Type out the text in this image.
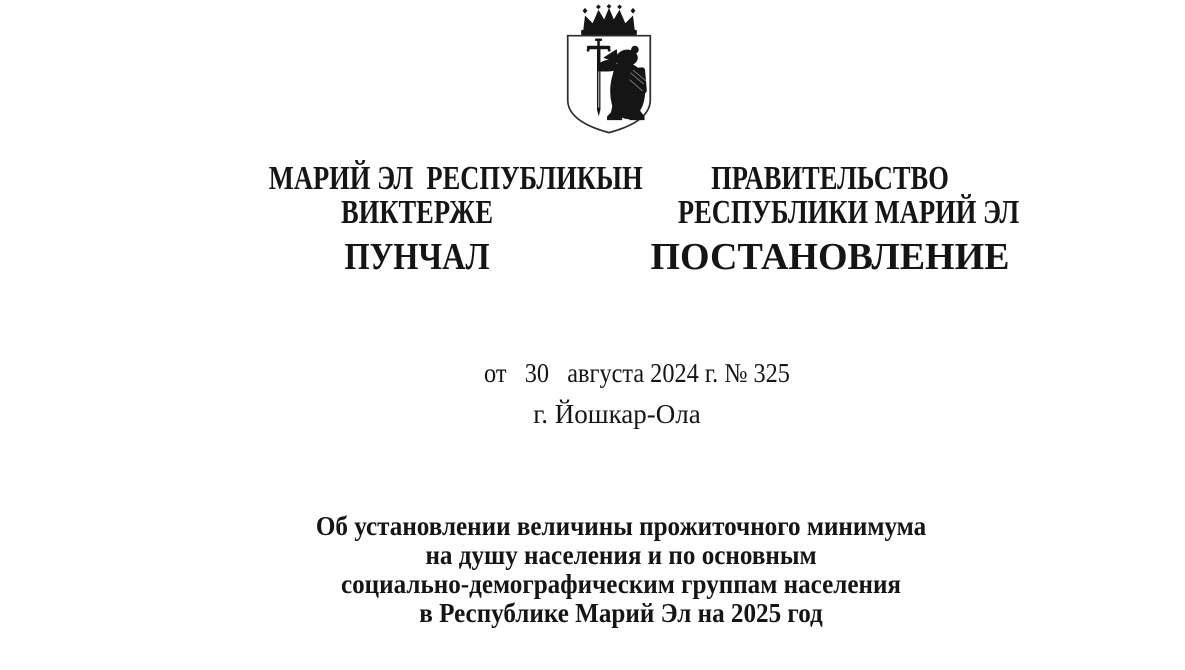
МАРИЙ ЭЛ  РЕСПУБЛИКЫН
ВИКТЕРЖЕ
ПУНЧАЛ
ПРАВИТЕЛЬСТВО
РЕСПУБЛИКИ МАРИЙ ЭЛ
ПОСТАНОВЛЕНИЕ
от   30   августа 2024 г. № 325
г. Йошкар-Ола
Об установлении величины прожиточного минимума
на душу населения и по основным
социально-демографическим группам населения
в Республике Марий Эл на 2025 год
